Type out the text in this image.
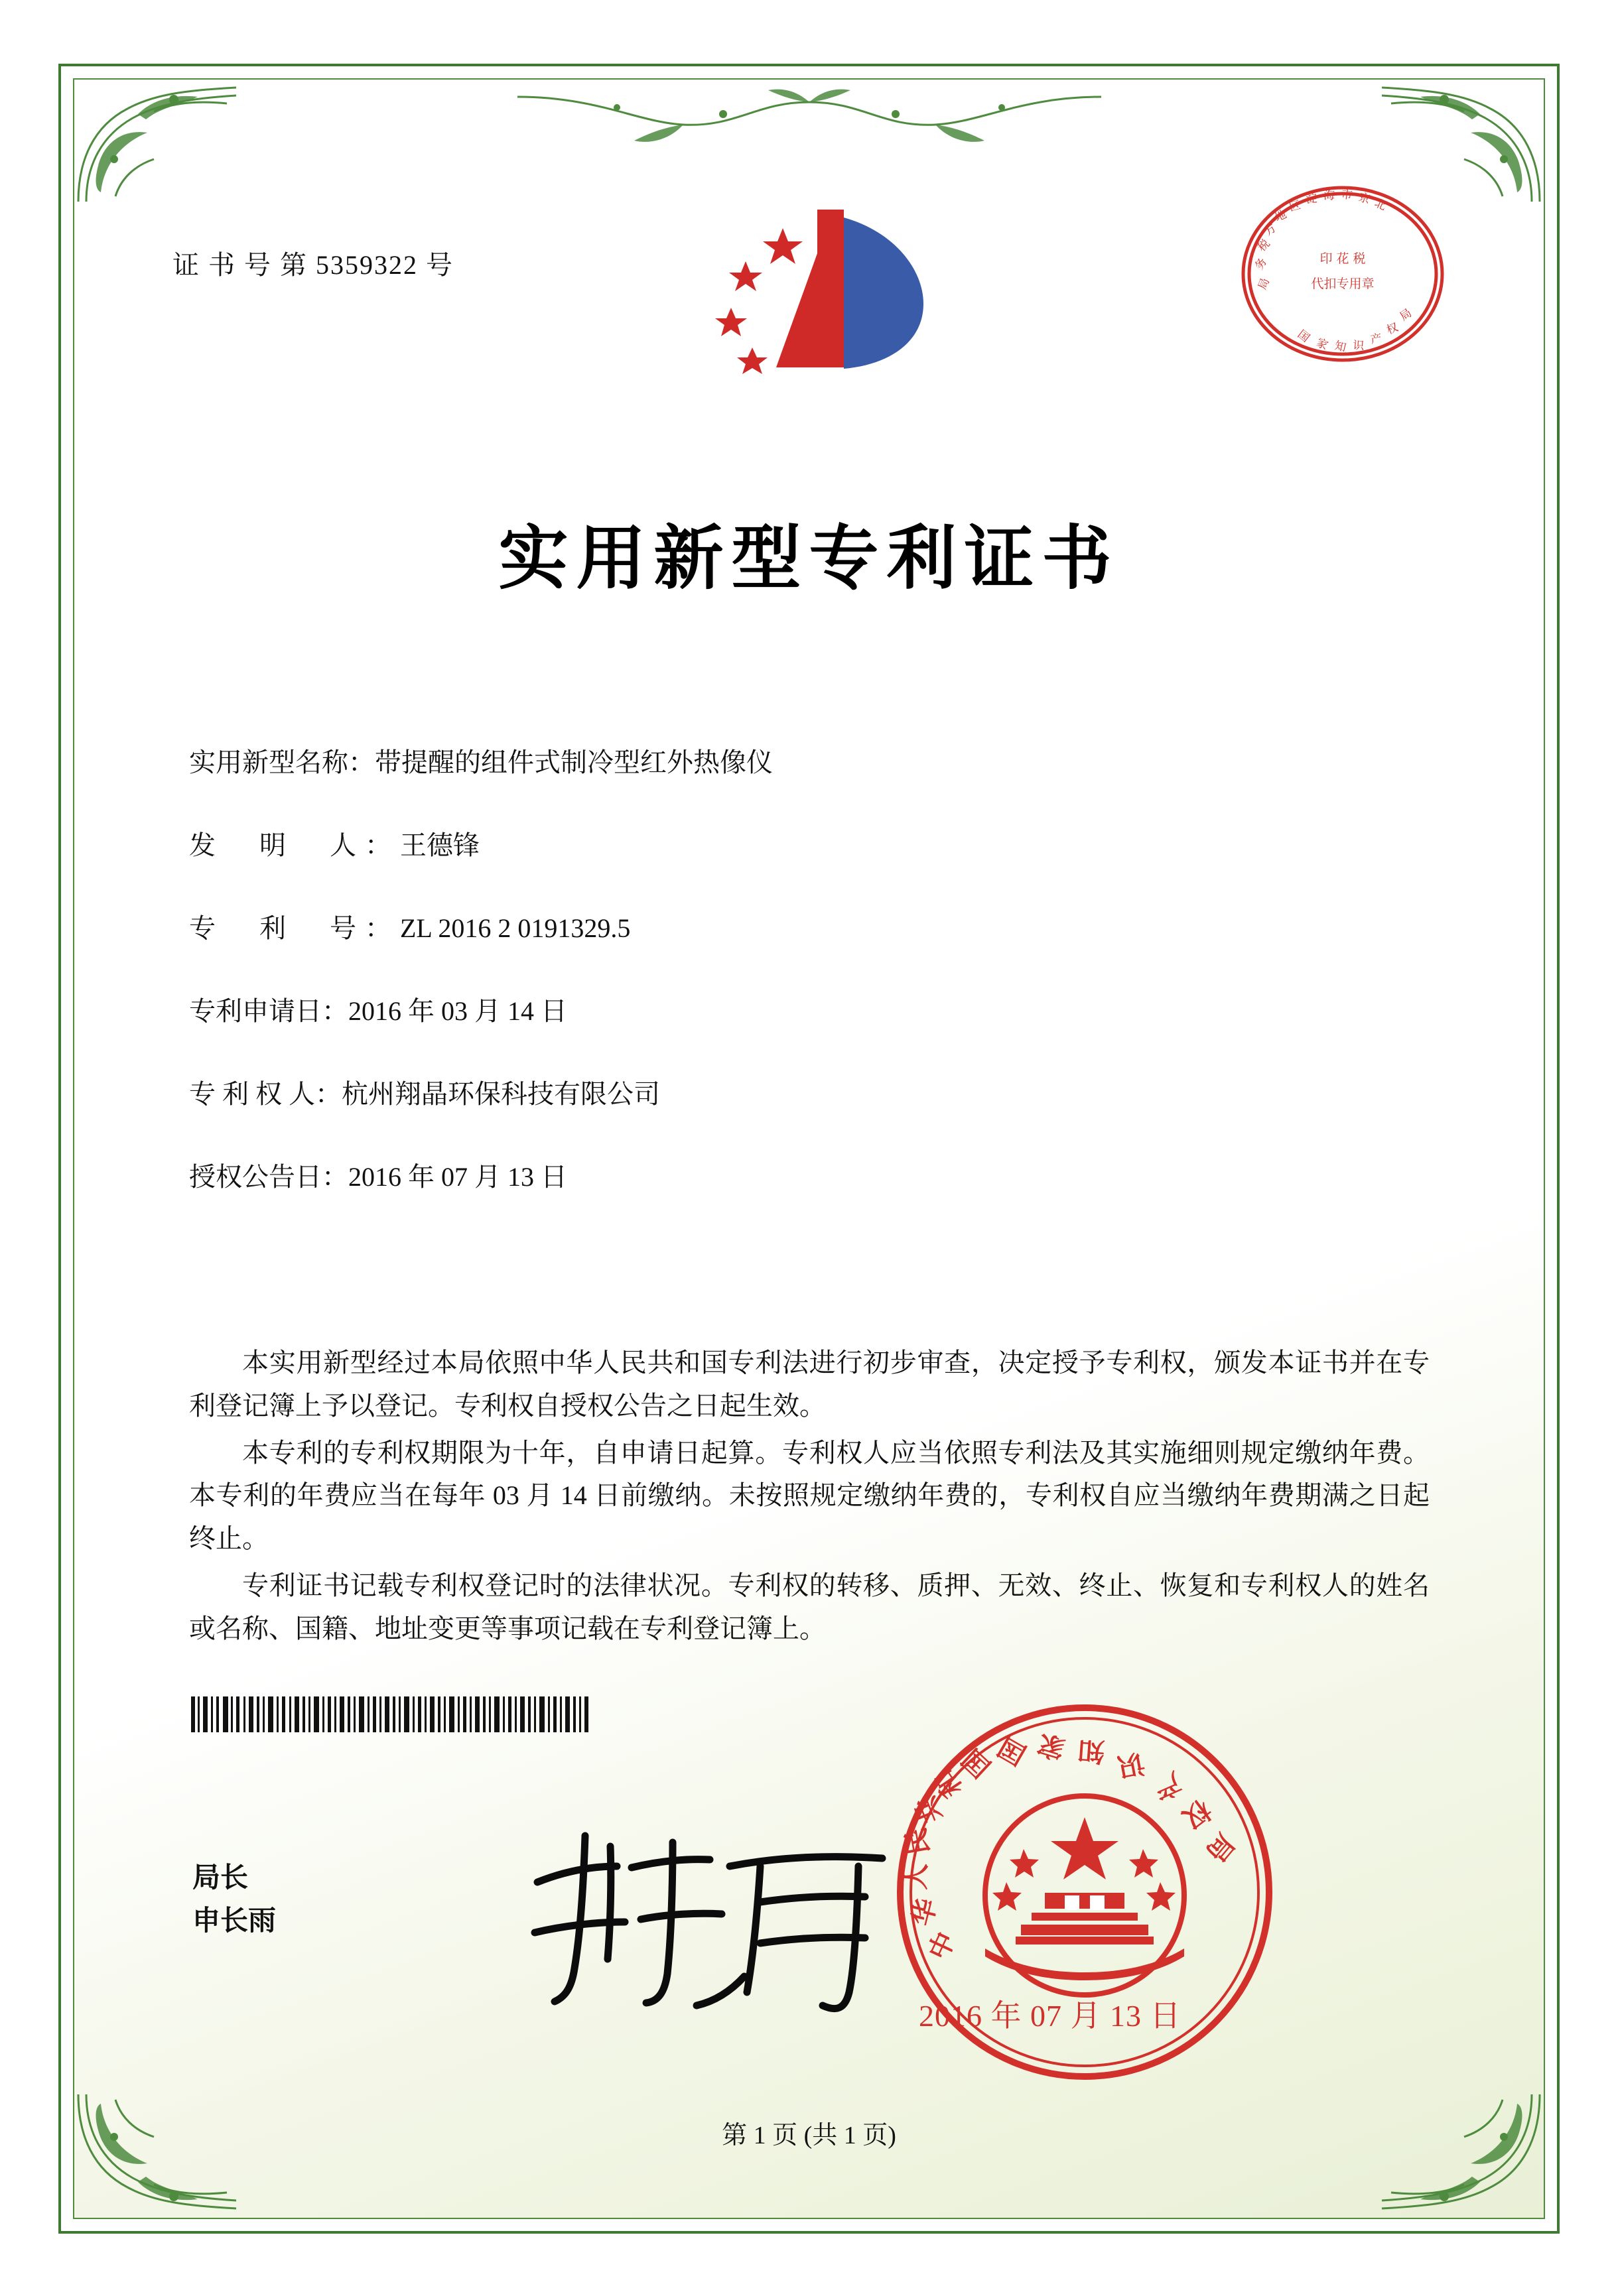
证 书 号 第 5359322 号	印 花 税
代扣专用章
局
务
税
方
地
区 淀 海 市 京 北
国 家 知 识 产
权
局
实用新型专利证书
实用新型名称：带提醒的组件式制冷型红外热像仪
发　明　人：王德锋
专　利　号：ZL 2016 2 0191329.5
专利申请日：2016 年 03 月 14 日
专 利 权 人：杭州翔晶环保科技有限公司
授权公告日：2016 年 07 月 13 日

本实用新型经过本局依照中华人民共和国专利法进行初步审查，决定授予专利权，颁发本证书并在专利登记簿上予以登记。专利权自授权公告之日起生效。

本专利的专利权期限为十年，自申请日起算。专利权人应当依照专利法及其实施细则规定缴纳年费。本专利的年费应当在每年 03 月 14 日前缴纳。未按照规定缴纳年费的，专利权自应当缴纳年费期满之日起终止。

专利证书记载专利权登记时的法律状况。专利权的转移、质押、无效、终止、恢复和专利权人的姓名或名称、国籍、地址变更等事项记载在专利登记簿上。

局长
申长雨
中
华
人
民
共
和
国
国 家 知 识
产
权
局
2016 年 07 月 13 日
第 1 页 (共 1 页)
